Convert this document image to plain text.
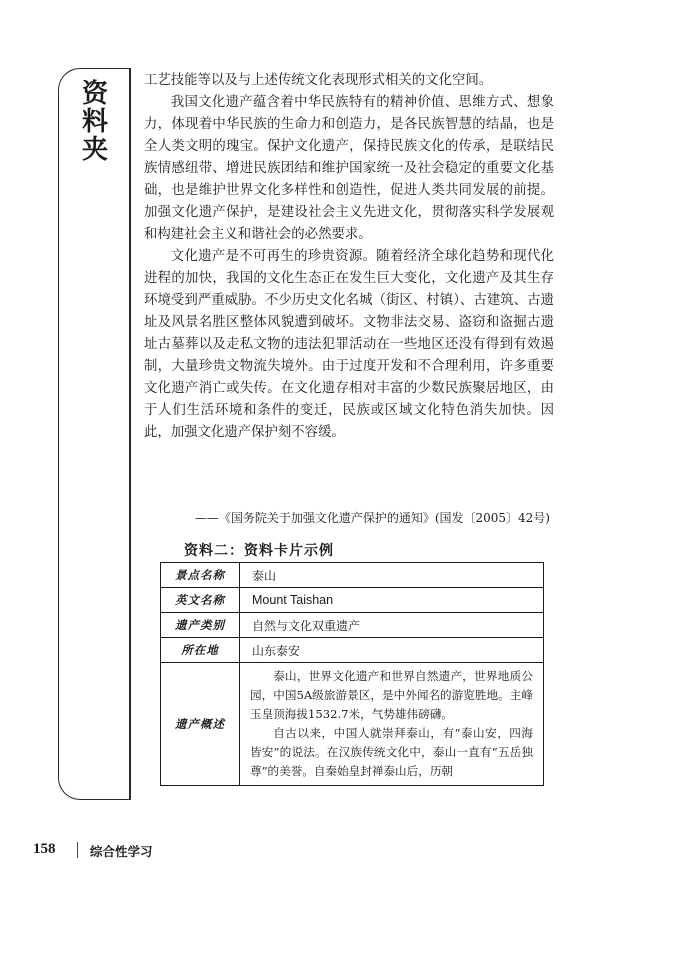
资
料
夹

工艺技能等以及与上述传统文化表现形式相关的文化空间。

我国文化遗产蕴含着中华民族特有的精神价值、思维方式、想象力，体现着中华民族的生命力和创造力，是各民族智慧的结晶，也是全人类文明的瑰宝。保护文化遗产，保持民族文化的传承，是联结民族情感纽带、增进民族团结和维护国家统一及社会稳定的重要文化基础，也是维护世界文化多样性和创造性，促进人类共同发展的前提。加强文化遗产保护，是建设社会主义先进文化，贯彻落实科学发展观和构建社会主义和谐社会的必然要求。

文化遗产是不可再生的珍贵资源。随着经济全球化趋势和现代化进程的加快，我国的文化生态正在发生巨大变化，文化遗产及其生存环境受到严重威胁。不少历史文化名城（街区、村镇）、古建筑、古遗址及风景名胜区整体风貌遭到破坏。文物非法交易、盗窃和盗掘古遗址古墓葬以及走私文物的违法犯罪活动在一些地区还没有得到有效遏制，大量珍贵文物流失境外。由于过度开发和不合理利用，许多重要文化遗产消亡或失传。在文化遗存相对丰富的少数民族聚居地区，由于人们生活环境和条件的变迁，民族或区域文化特色消失加快。因此，加强文化遗产保护刻不容缓。

——《国务院关于加强文化遗产保护的通知》(国发〔2005〕42号)
资料二：资料卡片示例
景点名称	泰山
英文名称	Mount Taishan
遗产类别	自然与文化双重遗产
所在地	山东泰安
遗产概述	泰山，世界文化遗产和世界自然遗产，世界地质公园，中国5A级旅游景区，是中外闻名的游览胜地。主峰玉皇顶海拔1532.7米，气势雄伟磅礴。

自古以来，中国人就崇拜泰山，有“泰山安，四海皆安”的说法。在汉族传统文化中，泰山一直有“五岳独尊”的美誉。自秦始皇封禅泰山后，历朝

158	综合性学习
